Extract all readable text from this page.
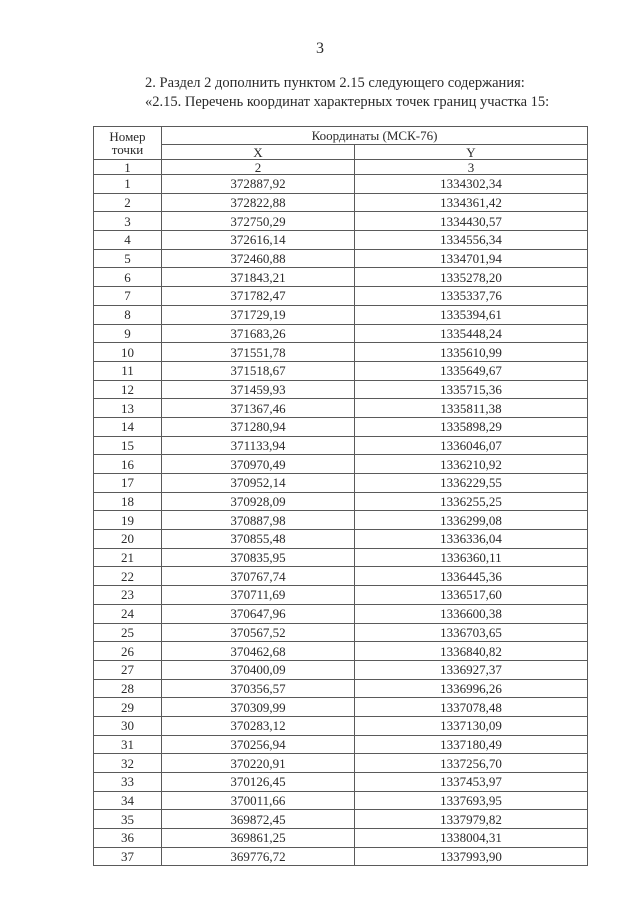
3
2. Раздел 2 дополнить пунктом 2.15 следующего содержания:
«2.15. Перечень координат характерных точек границ участка 15:
Номер
точки	Координаты (МСК-76)	
	X	Y
1	2	3
1	372887,92	1334302,34
2	372822,88	1334361,42
3	372750,29	1334430,57
4	372616,14	1334556,34
5	372460,88	1334701,94
6	371843,21	1335278,20
7	371782,47	1335337,76
8	371729,19	1335394,61
9	371683,26	1335448,24
10	371551,78	1335610,99
11	371518,67	1335649,67
12	371459,93	1335715,36
13	371367,46	1335811,38
14	371280,94	1335898,29
15	371133,94	1336046,07
16	370970,49	1336210,92
17	370952,14	1336229,55
18	370928,09	1336255,25
19	370887,98	1336299,08
20	370855,48	1336336,04
21	370835,95	1336360,11
22	370767,74	1336445,36
23	370711,69	1336517,60
24	370647,96	1336600,38
25	370567,52	1336703,65
26	370462,68	1336840,82
27	370400,09	1336927,37
28	370356,57	1336996,26
29	370309,99	1337078,48
30	370283,12	1337130,09
31	370256,94	1337180,49
32	370220,91	1337256,70
33	370126,45	1337453,97
34	370011,66	1337693,95
35	369872,45	1337979,82
36	369861,25	1338004,31
37	369776,72	1337993,90
